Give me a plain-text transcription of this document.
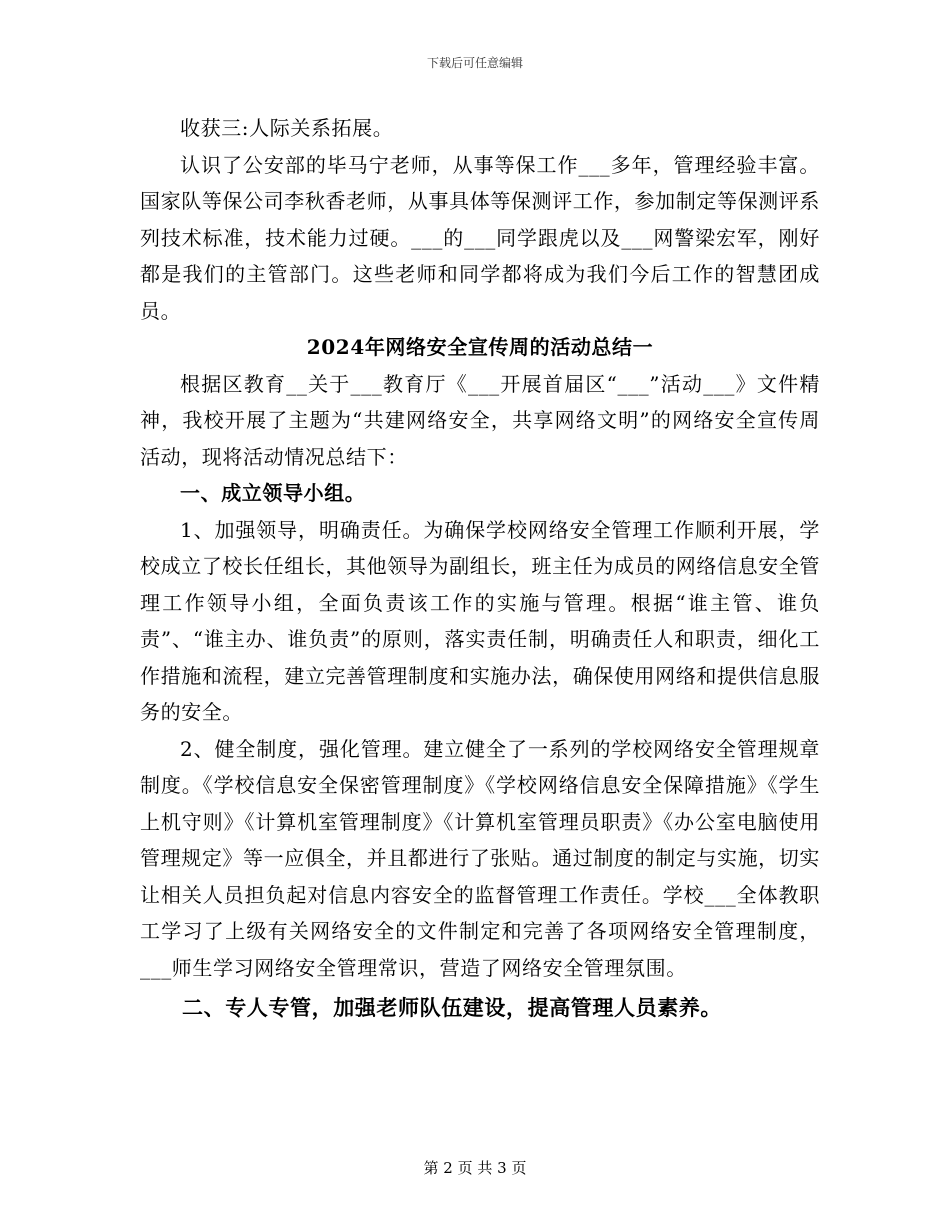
下载后可任意编辑

收获三:人际关系拓展。

认识了公安部的毕马宁老师，从事等保工作___多年，管理经验丰富。国家队等保公司李秋香老师，从事具体等保测评工作，参加制定等保测评系列技术标准，技术能力过硬。___的___同学跟虎以及___网警梁宏军，刚好都是我们的主管部门。这些老师和同学都将成为我们今后工作的智慧团成员。

2024年网络安全宣传周的活动总结一

根据区教育__关于___教育厅《___开展首届区“___”活动___》文件精神，我校开展了主题为“共建网络安全，共享网络文明”的网络安全宣传周活动，现将活动情况总结下：

一、成立领导小组。

1、加强领导，明确责任。为确保学校网络安全管理工作顺利开展，学校成立了校长任组长，其他领导为副组长，班主任为成员的网络信息安全管理工作领导小组，全面负责该工作的实施与管理。根据“谁主管、谁负责”、“谁主办、谁负责”的原则，落实责任制，明确责任人和职责，细化工作措施和流程，建立完善管理制度和实施办法，确保使用网络和提供信息服务的安全。

2、健全制度，强化管理。建立健全了一系列的学校网络安全管理规章制度。《学校信息安全保密管理制度》《学校网络信息安全保障措施》《学生上机守则》《计算机室管理制度》《计算机室管理员职责》《办公室电脑使用管理规定》等一应俱全，并且都进行了张贴。通过制度的制定与实施，切实让相关人员担负起对信息内容安全的监督管理工作责任。学校___全体教职工学习了上级有关网络安全的文件制定和完善了各项网络安全管理制度，___师生学习网络安全管理常识，营造了网络安全管理氛围。

二、专人专管，加强老师队伍建设，提高管理人员素养。

第 2 页 共 3 页
